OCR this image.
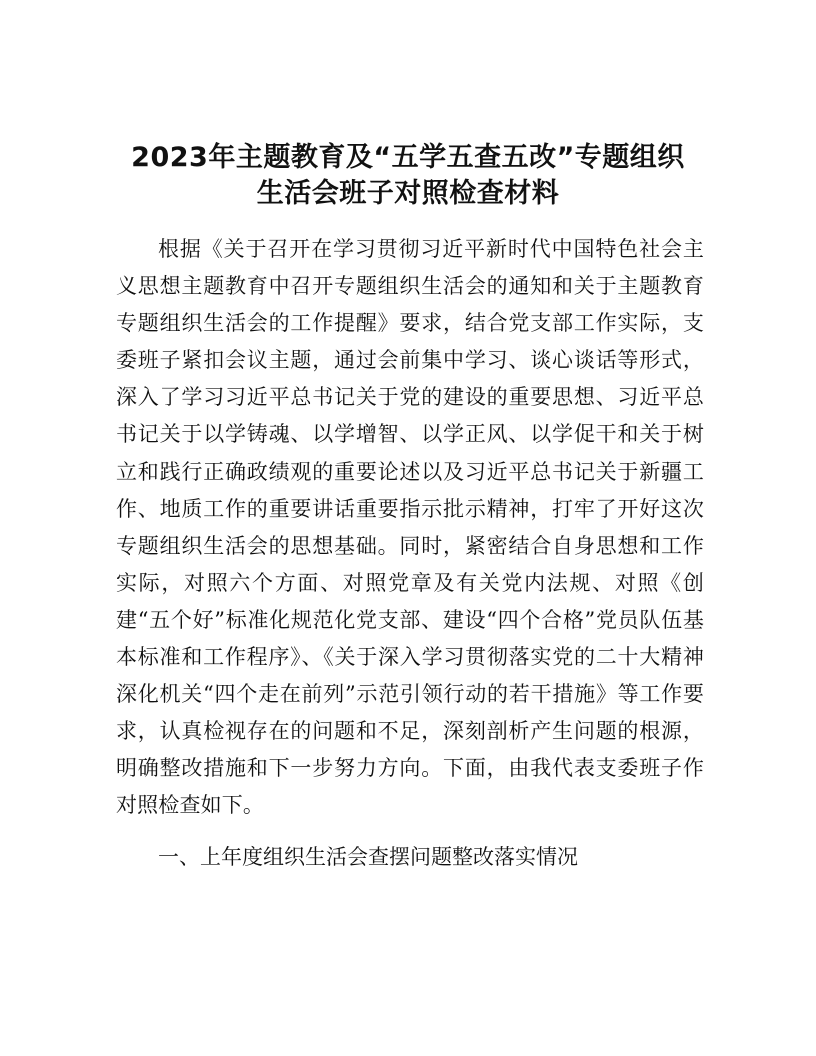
2023年主题教育及“五学五查五改”专题组织
生活会班子对照检查材料

根据《关于召开在学习贯彻习近平新时代中国特色社会主义思想主题教育中召开专题组织生活会的通知和关于主题教育专题组织生活会的工作提醒》要求，结合党支部工作实际，支委班子紧扣会议主题，通过会前集中学习、谈心谈话等形式，深入了学习习近平总书记关于党的建设的重要思想、习近平总书记关于以学铸魂、以学增智、以学正风、以学促干和关于树立和践行正确政绩观的重要论述以及习近平总书记关于新疆工作、地质工作的重要讲话重要指示批示精神，打牢了开好这次专题组织生活会的思想基础。同时，紧密结合自身思想和工作实际，对照六个方面、对照党章及有关党内法规、对照《创建“五个好”标准化规范化党支部、建设“四个合格”党员队伍基本标准和工作程序》、《关于深入学习贯彻落实党的二十大精神深化机关“四个走在前列”示范引领行动的若干措施》等工作要求，认真检视存在的问题和不足，深刻剖析产生问题的根源，明确整改措施和下一步努力方向。下面，由我代表支委班子作对照检查如下。

一、上年度组织生活会查摆问题整改落实情况
